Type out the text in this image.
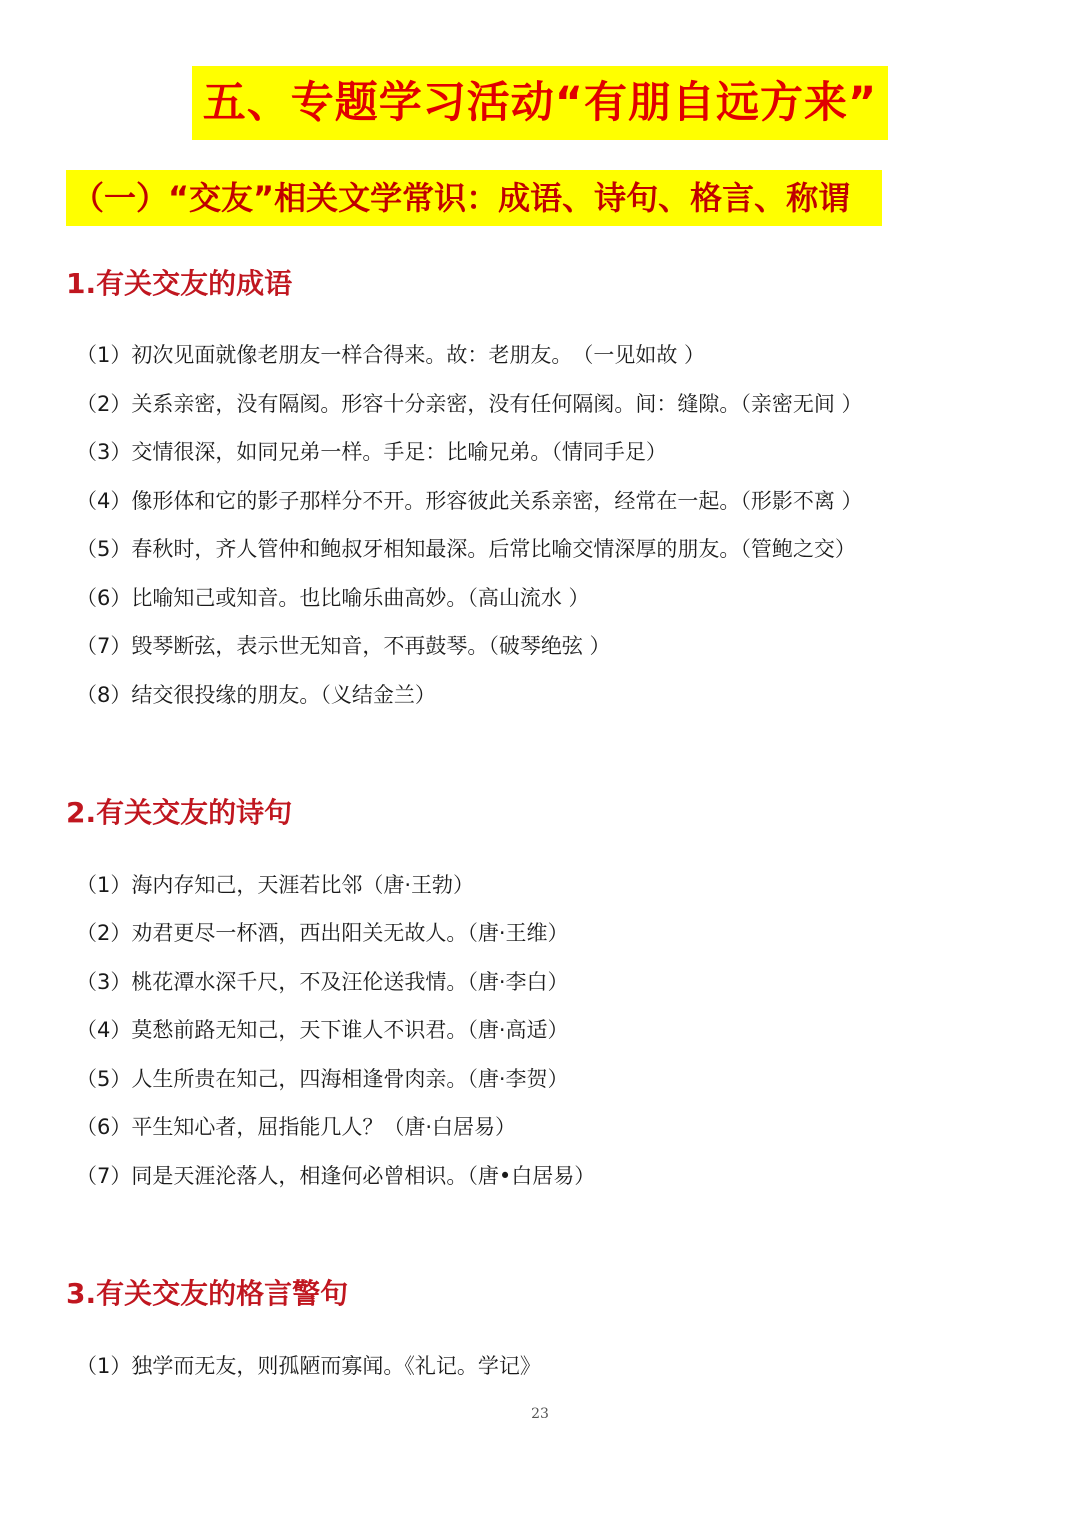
五、专题学习活动“有朋自远方来”
（一）“交友”相关文学常识：成语、诗句、格言、称谓
1.有关交友的成语
（1）初次见面就像老朋友一样合得来。故：老朋友。　（一见如故 ）
（2）关系亲密，没有隔阂。形容十分亲密，没有任何隔阂。间：缝隙。（亲密无间 ）
（3）交情很深，如同兄弟一样。手足：比喻兄弟。（情同手足）
（4）像形体和它的影子那样分不开。形容彼此关系亲密，经常在一起。（形影不离 ）
（5）春秋时，齐人管仲和鲍叔牙相知最深。后常比喻交情深厚的朋友。（管鲍之交）
（6）比喻知己或知音。也比喻乐曲高妙。（高山流水 ）
（7）毁琴断弦，表示世无知音，不再鼓琴。（破琴绝弦 ）
（8）结交很投缘的朋友。（义结金兰）
2.有关交友的诗句
（1）海内存知己，天涯若比邻（唐·王勃）
（2）劝君更尽一杯酒，西出阳关无故人。（唐·王维）
（3）桃花潭水深千尺，不及汪伦送我情。（唐·李白）
（4）莫愁前路无知己，天下谁人不识君。（唐·高适）
（5）人生所贵在知己，四海相逢骨肉亲。（唐·李贺）
（6）平生知心者，屈指能几人？（唐·白居易）
（7）同是天涯沦落人，相逢何必曾相识。（唐•白居易）
3.有关交友的格言警句
（1）独学而无友，则孤陋而寡闻。《礼记。学记》
23
